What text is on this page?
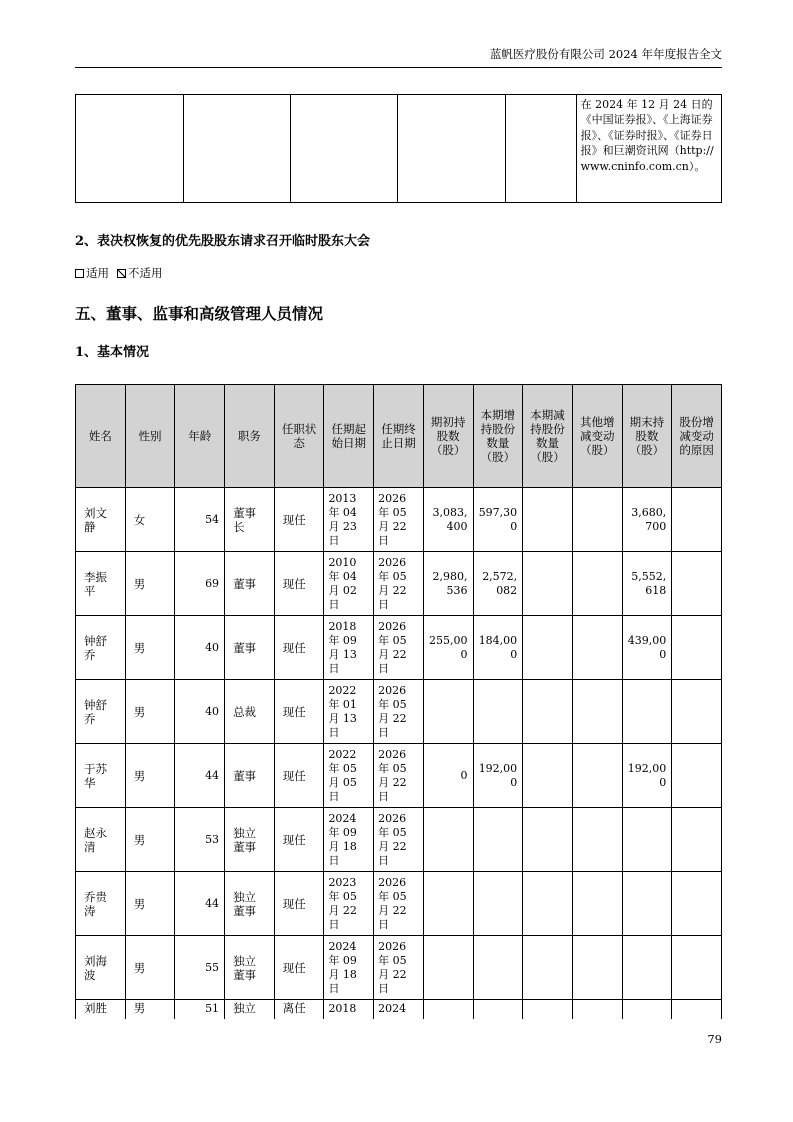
蓝帆医疗股份有限公司 2024 年年度报告全文
					在 2024 年 12 月 24 日的《中国证券报》、《上海证券报》、《证券时报》、《证券日报》和巨潮资讯网（http://www.cninfo.com.cn）。
2、表决权恢复的优先股股东请求召开临时股东大会
适用 不适用
五、董事、监事和高级管理人员情况
1、基本情况
姓名	性别	年龄	职务	任职状态	任期起始日期	任期终止日期	期初持股数（股）	本期增持股份数量（股）	本期减持股份数量（股）	其他增减变动（股）	期末持股数（股）	股份增减变动的原因
刘文静	女	54	董事长	现任	2013 年 04 月 23 日	2026 年 05 月 22 日	3,083,400	597,300			3,680,700	
李振平	男	69	董事	现任	2010 年 04 月 02 日	2026 年 05 月 22 日	2,980,536	2,572,082			5,552,618	
钟舒乔	男	40	董事	现任	2018 年 09 月 13 日	2026 年 05 月 22 日	255,000	184,000			439,000	
钟舒乔	男	40	总裁	现任	2022 年 01 月 13 日	2026 年 05 月 22 日						
于苏华	男	44	董事	现任	2022 年 05 月 05 日	2026 年 05 月 22 日	0	192,000			192,000	
赵永清	男	53	独立董事	现任	2024 年 09 月 18 日	2026 年 05 月 22 日						
乔贵涛	男	44	独立董事	现任	2023 年 05 月 22 日	2026 年 05 月 22 日						
刘海波	男	55	独立董事	现任	2024 年 09 月 18 日	2026 年 05 月 22 日						
刘胜	男	51	独立	离任	2018	2024						
79
